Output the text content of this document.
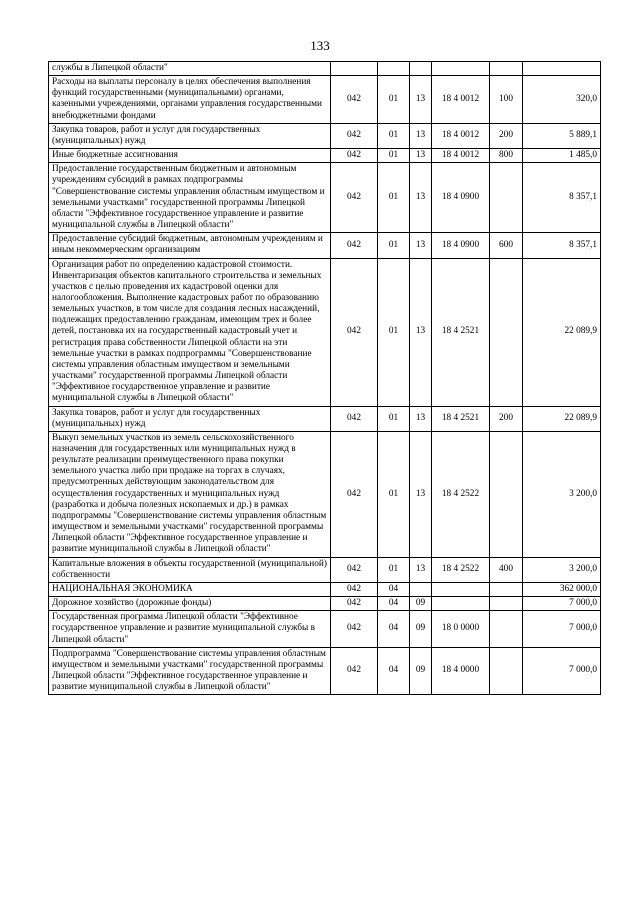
133
службы в Липецкой области"						
Расходы на выплаты персоналу в целях обеспечения выполнения функций государственными (муниципальными) органами, казенными учреждениями, органами управления государственными внебюджетными фондами	042	01	13	18 4 0012	100	320,0
Закупка товаров, работ и услуг для государственных (муниципальных) нужд	042	01	13	18 4 0012	200	5 889,1
Иные бюджетные ассигнования	042	01	13	18 4 0012	800	1 485,0
Предоставление государственным бюджетным и автономным учреждениям субсидий в рамках подпрограммы "Совершенствование системы управления областным имуществом и земельными участками" государственной программы Липецкой области "Эффективное государственное управление и развитие муниципальной службы в Липецкой области"	042	01	13	18 4 0900		8 357,1
Предоставление субсидий бюджетным, автономным учреждениям и иным некоммерческим организациям	042	01	13	18 4 0900	600	8 357,1
Организация работ по определению кадастровой стоимости. Инвентаризация объектов капитального строительства и земельных участков с целью проведения их кадастровой оценки для налогообложения. Выполнение кадастровых работ по образованию земельных участков, в том числе для создания лесных насаждений, подлежащих предоставлению гражданам, имеющим трех и более детей, постановка их на государственный кадастровый учет и регистрация права собственности Липецкой области на эти земельные участки в рамках подпрограммы "Совершенствование системы управления областным имуществом и земельными участками" государственной программы Липецкой области "Эффективное государственное управление и развитие муниципальной службы в Липецкой области"	042	01	13	18 4 2521		22 089,9
Закупка товаров, работ и услуг для государственных (муниципальных) нужд	042	01	13	18 4 2521	200	22 089,9
Выкуп земельных участков из земель сельскохозяйственного назначения для государственных или муниципальных нужд в результате реализации преимущественного права покупки земельного участка либо при продаже на торгах в случаях, предусмотренных действующим законодательством для осуществления государственных и муниципальных нужд (разработка и добыча полезных ископаемых и др.) в рамках подпрограммы "Совершенствование системы управления областным имуществом и земельными участками" государственной программы Липецкой области "Эффективное государственное управление и развитие муниципальной службы в Липецкой области"	042	01	13	18 4 2522		3 200,0
Капитальные вложения в объекты государственной (муниципальной) собственности	042	01	13	18 4 2522	400	3 200,0
НАЦИОНАЛЬНАЯ ЭКОНОМИКА	042	04				362 000,0
Дорожное хозяйство (дорожные фонды)	042	04	09			7 000,0
Государственная программа Липецкой области "Эффективное государственное управление и развитие муниципальной службы в Липецкой области"	042	04	09	18 0 0000		7 000,0
Подпрограмма "Совершенствование системы управления областным имуществом и земельными участками" государственной программы Липецкой области "Эффективное государственное управление и развитие муниципальной службы в Липецкой области"	042	04	09	18 4 0000		7 000,0
